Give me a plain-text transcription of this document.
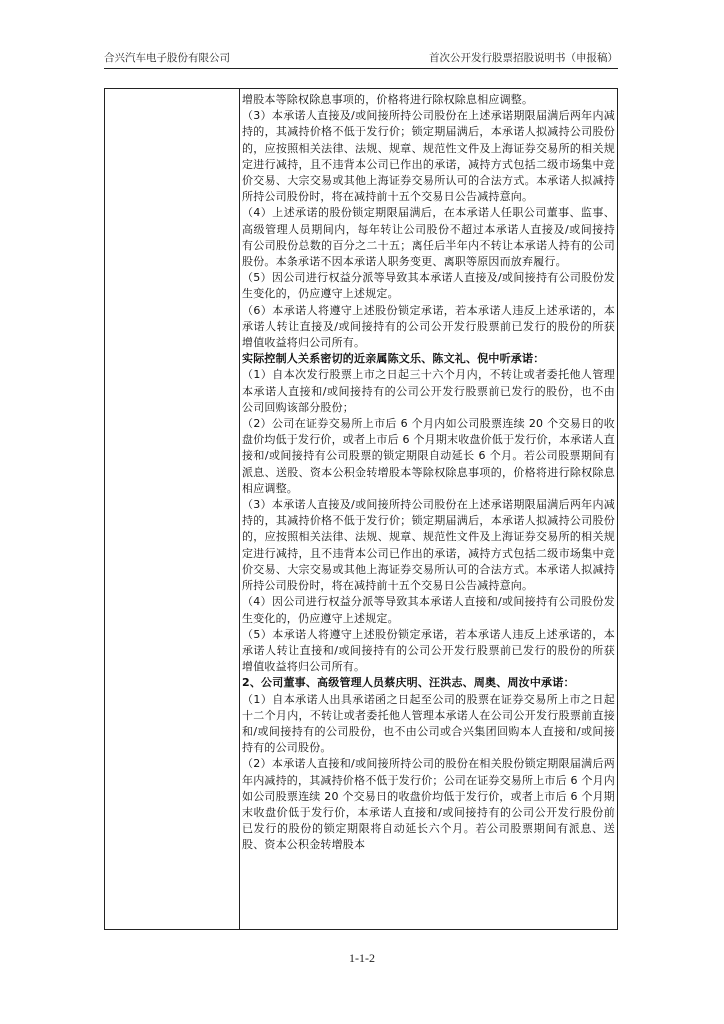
合兴汽车电子股份有限公司	首次公开发行股票招股说明书（申报稿）

增股本等除权除息事项的，价格将进行除权除息相应调整。

（3）本承诺人直接及/或间接所持公司股份在上述承诺期限届满后两年内减持的，其减持价格不低于发行价；锁定期届满后，本承诺人拟减持公司股份的，应按照相关法律、法规、规章、规范性文件及上海证券交易所的相关规定进行减持，且不违背本公司已作出的承诺，减持方式包括二级市场集中竞价交易、大宗交易或其他上海证券交易所认可的合法方式。本承诺人拟减持所持公司股份时，将在减持前十五个交易日公告减持意向。

（4）上述承诺的股份锁定期限届满后，在本承诺人任职公司董事、监事、高级管理人员期间内，每年转让公司股份不超过本承诺人直接及/或间接持有公司股份总数的百分之二十五；离任后半年内不转让本承诺人持有的公司股份。本条承诺不因本承诺人职务变更、离职等原因而放弃履行。

（5）因公司进行权益分派等导致其本承诺人直接及/或间接持有公司股份发生变化的，仍应遵守上述规定。

（6）本承诺人将遵守上述股份锁定承诺，若本承诺人违反上述承诺的，本承诺人转让直接及/或间接持有的公司公开发行股票前已发行的股份的所获增值收益将归公司所有。

实际控制人关系密切的近亲属陈文乐、陈文礼、倪中听承诺：

（1）自本次发行股票上市之日起三十六个月内，不转让或者委托他人管理本承诺人直接和/或间接持有的公司公开发行股票前已发行的股份，也不由公司回购该部分股份；

（2）公司在证券交易所上市后 6 个月内如公司股票连续 20 个交易日的收盘价均低于发行价，或者上市后 6 个月期末收盘价低于发行价，本承诺人直接和/或间接持有公司股票的锁定期限自动延长 6 个月。若公司股票期间有派息、送股、资本公积金转增股本等除权除息事项的，价格将进行除权除息相应调整。

（3）本承诺人直接及/或间接所持公司股份在上述承诺期限届满后两年内减持的，其减持价格不低于发行价；锁定期届满后，本承诺人拟减持公司股份的，应按照相关法律、法规、规章、规范性文件及上海证券交易所的相关规定进行减持，且不违背本公司已作出的承诺，减持方式包括二级市场集中竞价交易、大宗交易或其他上海证券交易所认可的合法方式。本承诺人拟减持所持公司股份时，将在减持前十五个交易日公告减持意向。

（4）因公司进行权益分派等导致其本承诺人直接和/或间接持有公司股份发生变化的，仍应遵守上述规定。

（5）本承诺人将遵守上述股份锁定承诺，若本承诺人违反上述承诺的，本承诺人转让直接和/或间接持有的公司公开发行股票前已发行的股份的所获增值收益将归公司所有。

2、公司董事、高级管理人员蔡庆明、汪洪志、周奥、周汝中承诺：

（1）自本承诺人出具承诺函之日起至公司的股票在证券交易所上市之日起十二个月内，不转让或者委托他人管理本承诺人在公司公开发行股票前直接和/或间接持有的公司股份，也不由公司或合兴集团回购本人直接和/或间接持有的公司股份。

（2）本承诺人直接和/或间接所持公司的股份在相关股份锁定期限届满后两年内减持的，其减持价格不低于发行价；公司在证券交易所上市后 6 个月内如公司股票连续 20 个交易日的收盘价均低于发行价，或者上市后 6 个月期末收盘价低于发行价，本承诺人直接和/或间接持有的公司公开发行股份前已发行的股份的锁定期限将自动延长六个月。若公司股票期间有派息、送股、资本公积金转增股本

1-1-2
